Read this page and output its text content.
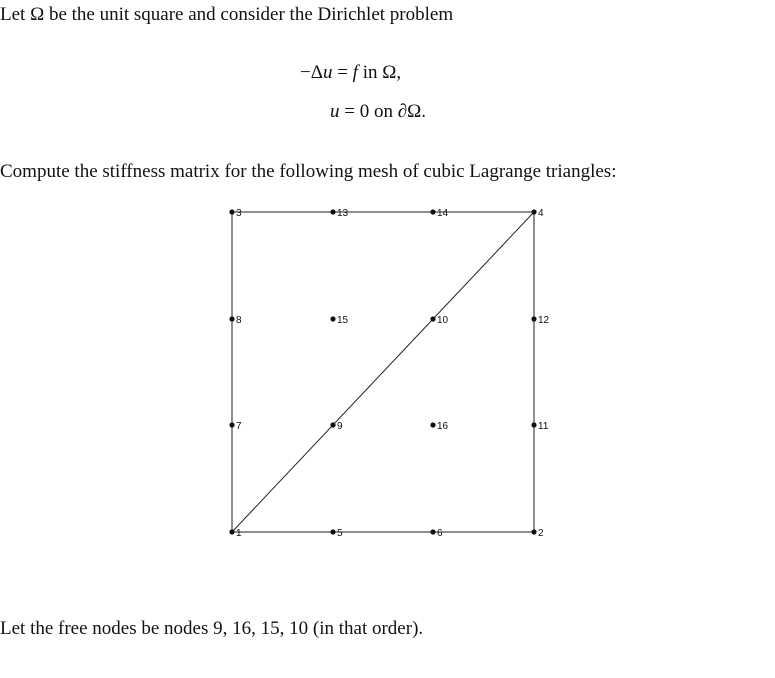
Let Ω be the unit square and consider the Dirichlet problem
−Δu = f in Ω,
u = 0 on ∂Ω.
Compute the stiffness matrix for the following mesh of cubic Lagrange triangles:
1	2
3	4
5	6
7
8
9
10
11
12
13	14
15
16
Let the free nodes be nodes 9, 16, 15, 10 (in that order).
